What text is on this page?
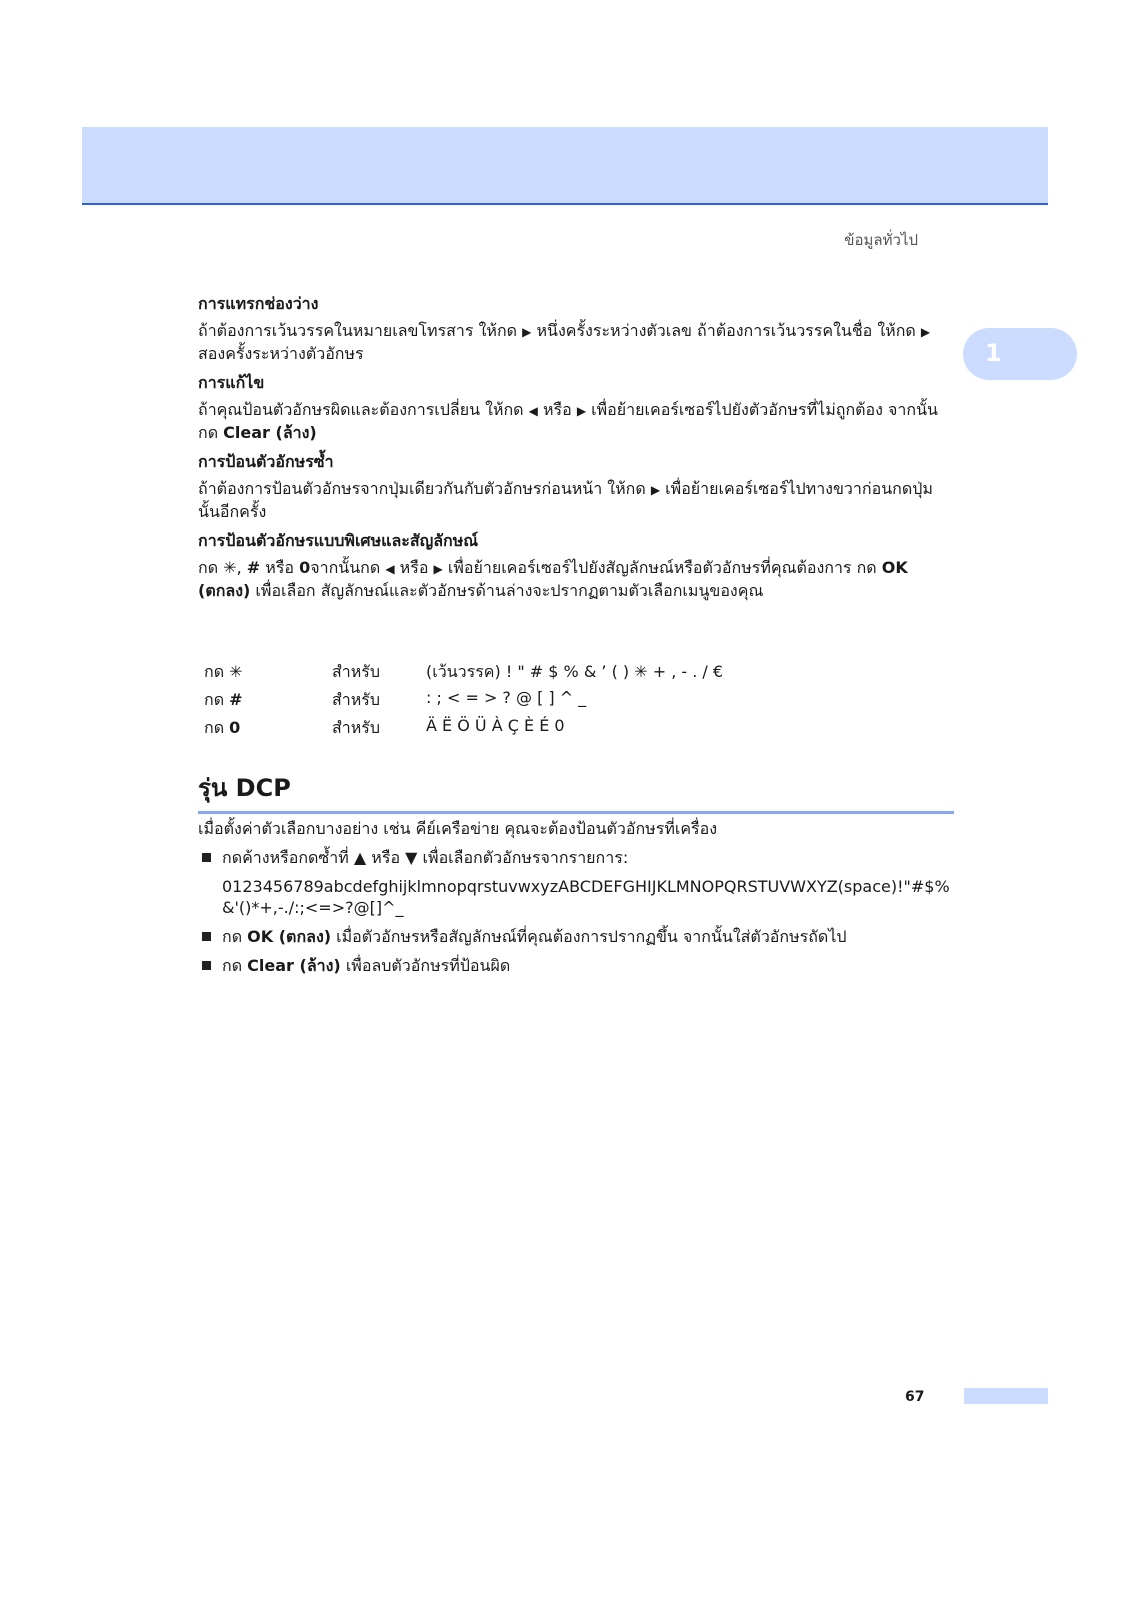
ข้อมูลทั่วไป
1

การแทรกช่องว่าง

ถ้าต้องการเว้นวรรคในหมายเลขโทรสาร ให้กด ▶ หนึ่งครั้งระหว่างตัวเลข ถ้าต้องการเว้นวรรคในชื่อ ให้กด ▶ สองครั้งระหว่างตัวอักษร

การแก้ไข

ถ้าคุณป้อนตัวอักษรผิดและต้องการเปลี่ยน ให้กด ◀ หรือ ▶ เพื่อย้ายเคอร์เซอร์ไปยังตัวอักษรที่ไม่ถูกต้อง จากนั้นกด Clear (ล้าง)

การป้อนตัวอักษรซ้ำ

ถ้าต้องการป้อนตัวอักษรจากปุ่มเดียวกันกับตัวอักษรก่อนหน้า ให้กด ▶ เพื่อย้ายเคอร์เซอร์ไปทางขวาก่อนกดปุ่มนั้นอีกครั้ง

การป้อนตัวอักษรแบบพิเศษและสัญลักษณ์

กด ✳, # หรือ 0จากนั้นกด ◀ หรือ ▶ เพื่อย้ายเคอร์เซอร์ไปยังสัญลักษณ์หรือตัวอักษรที่คุณต้องการ กด OK (ตกลง) เพื่อเลือก สัญลักษณ์และตัวอักษรด้านล่างจะปรากฏตามตัวเลือกเมนูของคุณ

กด ✳	สำหรับ	(เว้นวรรค) ! " # $ % & ’ ( ) ✳ + , - . / €
กด #	สำหรับ	: ; < = > ? @ [ ] ^ _
กด 0	สำหรับ	Ä Ë Ö Ü À Ç È É 0
รุ่น DCP

เมื่อตั้งค่าตัวเลือกบางอย่าง เช่น คีย์เครือข่าย คุณจะต้องป้อนตัวอักษรที่เครื่อง

กดค้างหรือกดซ้ำที่ ▲ หรือ ▼ เพื่อเลือกตัวอักษรจากรายการ:
0123456789abcdefghijklmnopqrstuvwxyzABCDEFGHIJKLMNOPQRSTUVWXYZ(space)!"#$%&'()*+,-./:;<=>?@[]^_
กด OK (ตกลง) เมื่อตัวอักษรหรือสัญลักษณ์ที่คุณต้องการปรากฏขึ้น จากนั้นใส่ตัวอักษรถัดไป
กด Clear (ล้าง) เพื่อลบตัวอักษรที่ป้อนผิด
67
